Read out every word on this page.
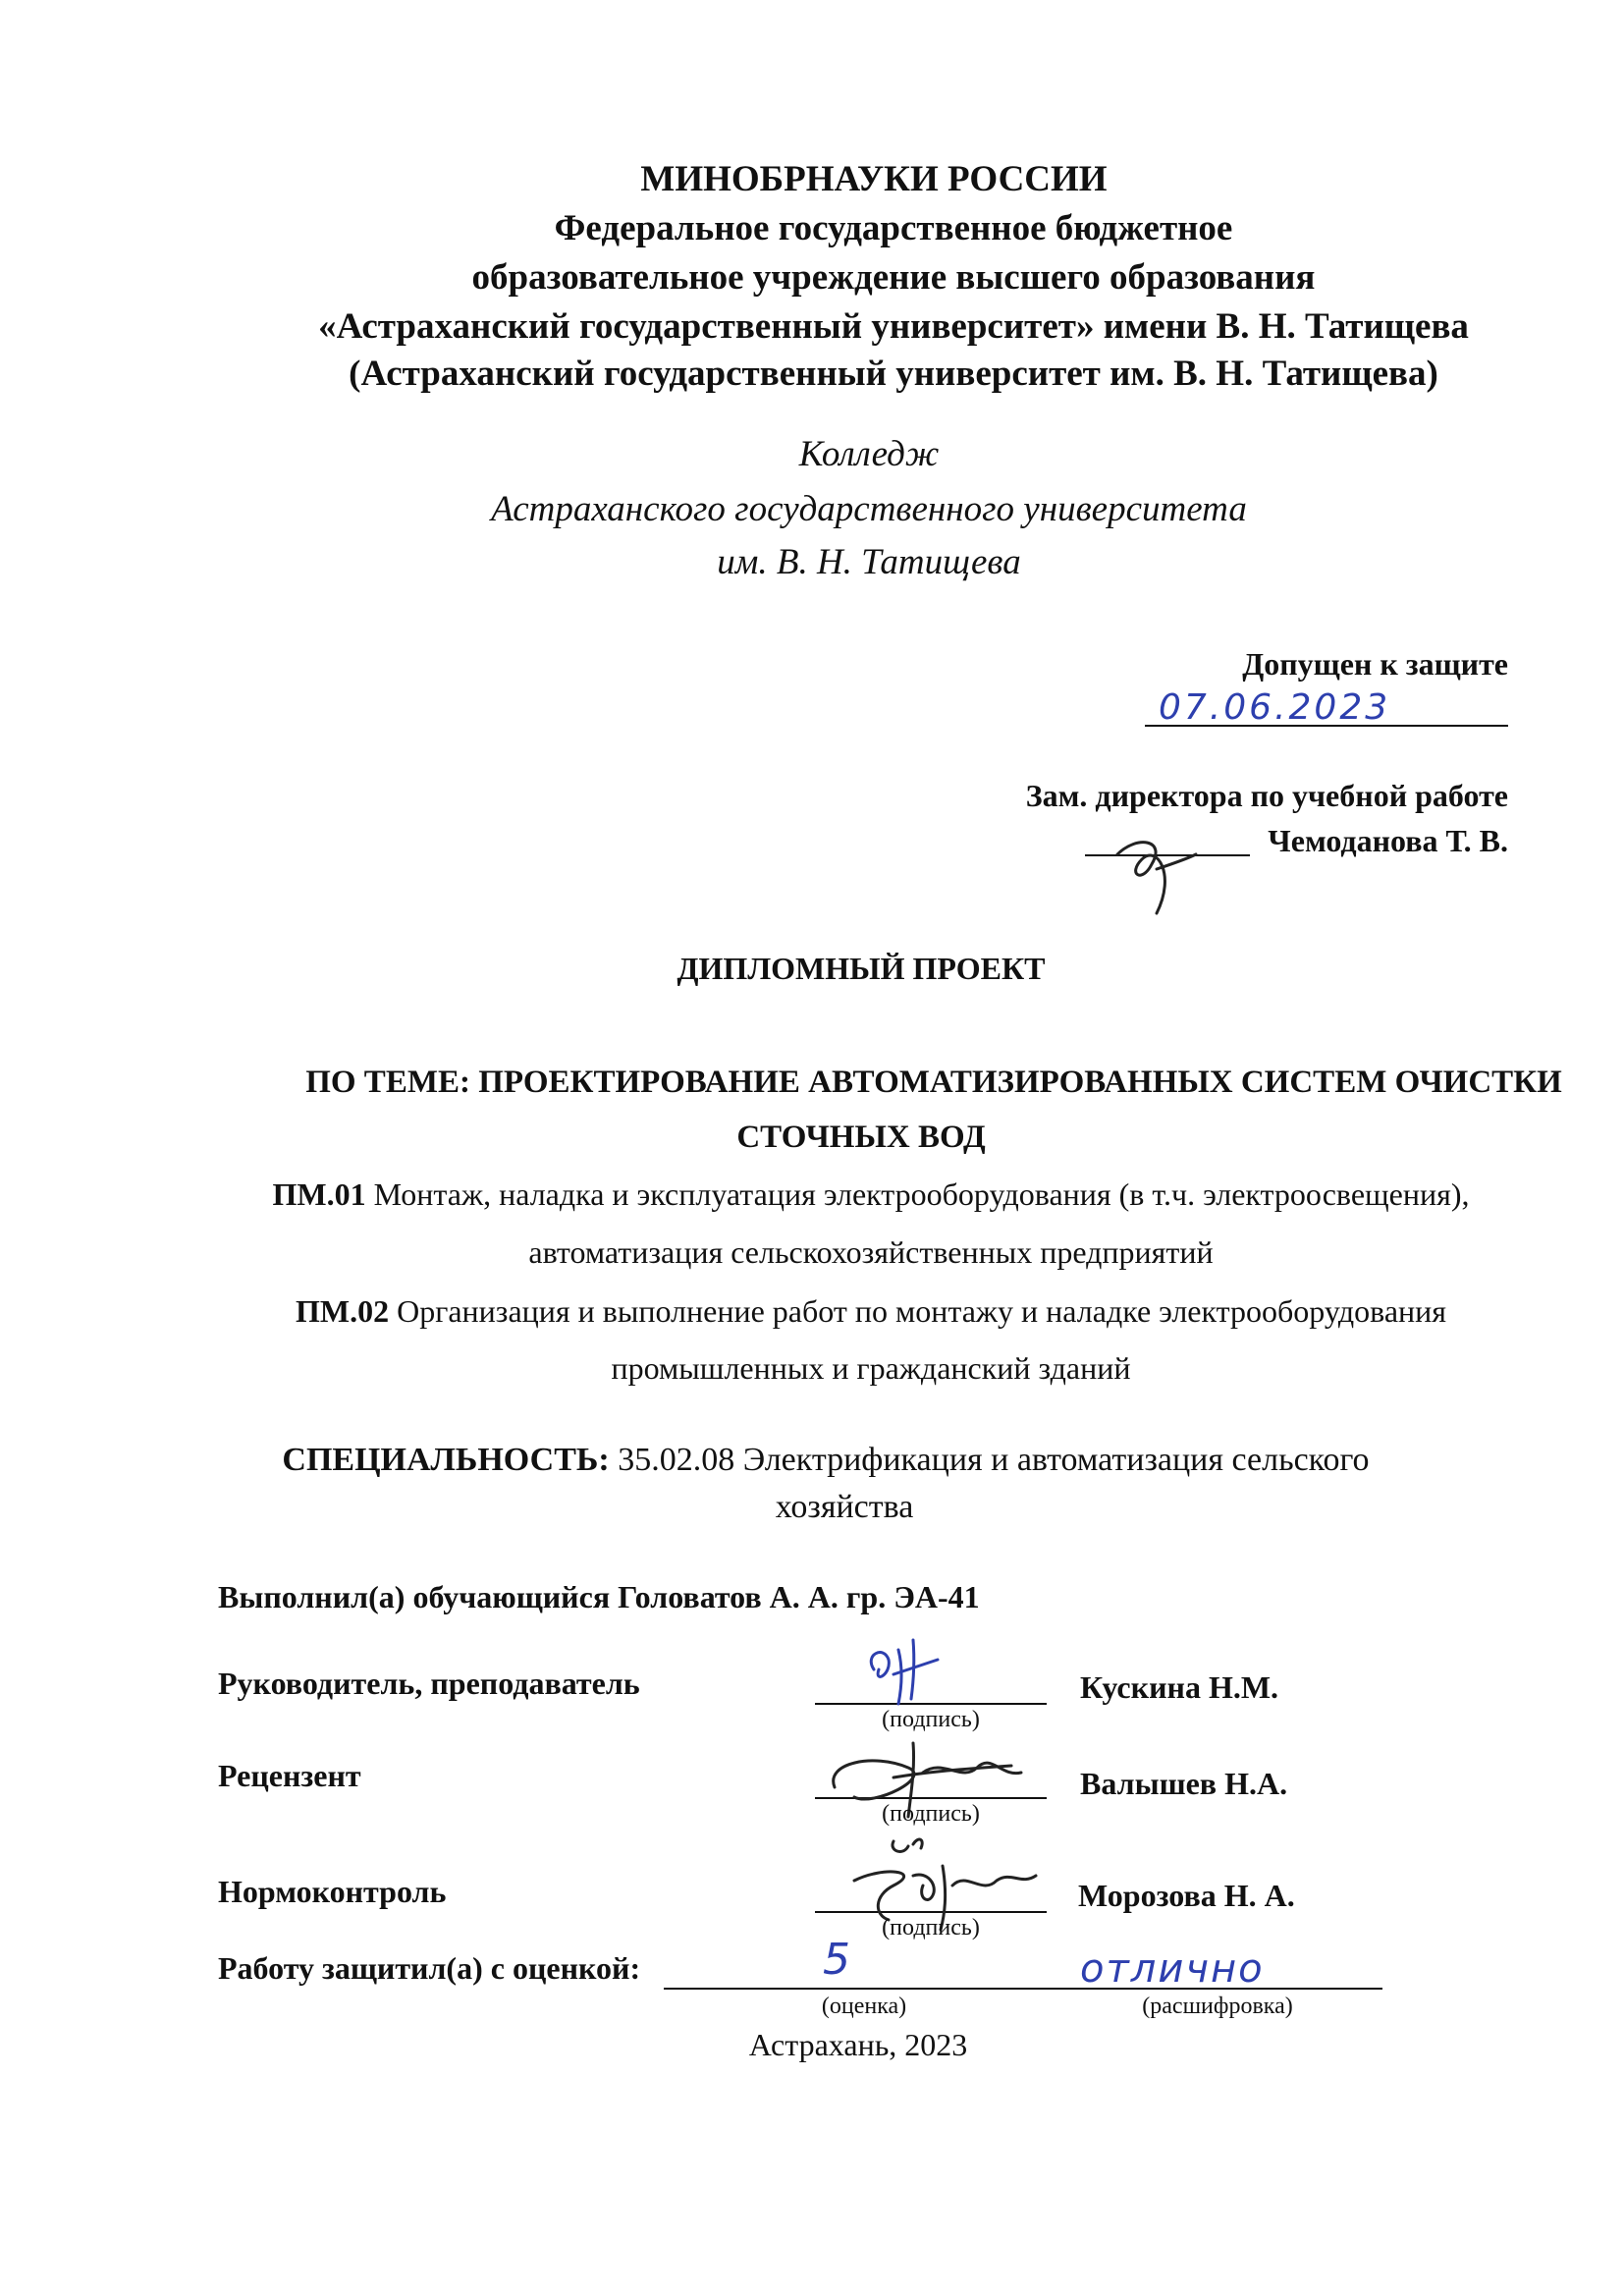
МИНОБРНАУКИ РОССИИ
Федеральное государственное бюджетное
образовательное учреждение высшего образования
«Астраханский государственный университет» имени В. Н. Татищева
(Астраханский государственный университет им. В. Н. Татищева)
Колледж
Астраханского государственного университета
им. В. Н. Татищева
Допущен к защите
07.06.2023
Зам. директора по учебной работе
Чемоданова Т. В.
ДИПЛОМНЫЙ ПРОЕКТ
ПО ТЕМЕ: ПРОЕКТИРОВАНИЕ АВТОМАТИЗИРОВАННЫХ СИСТЕМ ОЧИСТКИ
СТОЧНЫХ ВОД
ПМ.01 Монтаж, наладка и эксплуатация электрооборудования (в т.ч. электроосвещения),
автоматизация сельскохозяйственных предприятий
ПМ.02 Организация и выполнение работ по монтажу и наладке электрооборудования
промышленных и гражданский зданий
СПЕЦИАЛЬНОСТЬ: 35.02.08 Электрификация и автоматизация сельского
хозяйства
Выполнил(а) обучающийся Головатов А. А. гр. ЭА-41
Руководитель, преподаватель
(подпись)
Кускина Н.М.
Рецензент
(подпись)
Валышев Н.А.
Нормоконтроль
(подпись)
Морозова Н. А.
Работу защитил(а) с оценкой:	5	отлично
(оценка)	(расшифровка)
Астрахань, 2023
